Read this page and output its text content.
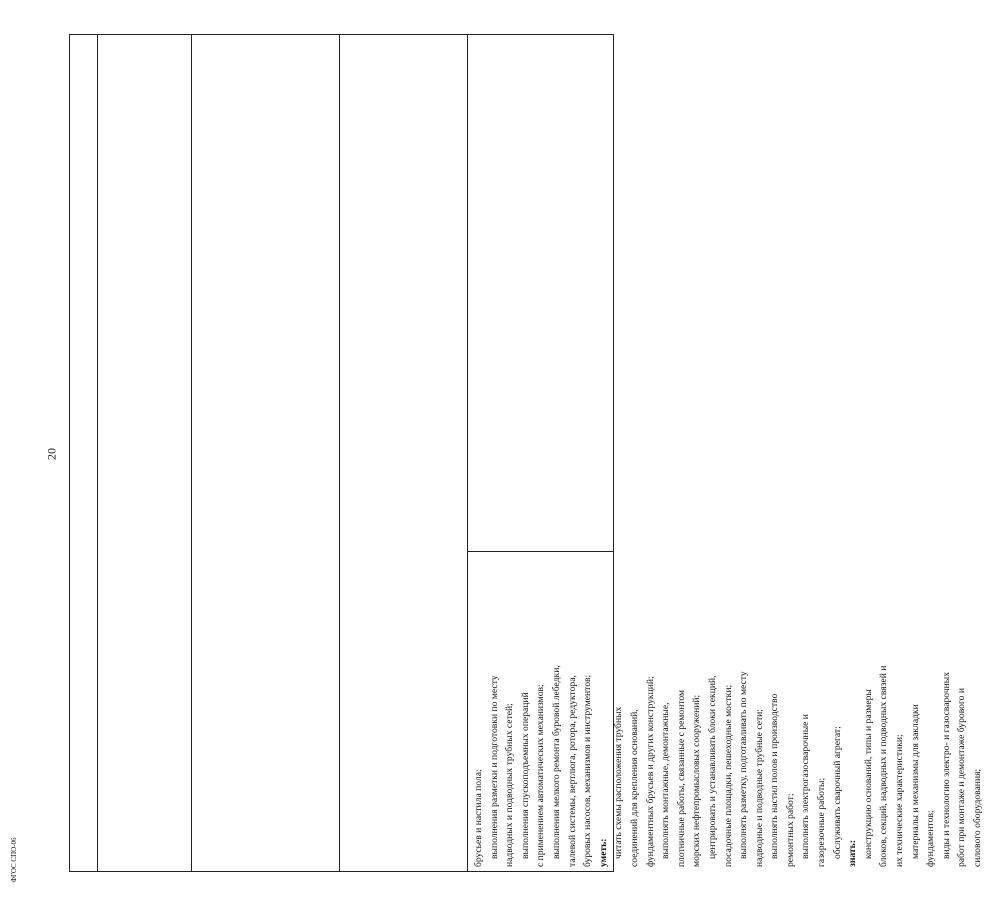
20
брусьев и настила пола; выполнения разметки и подготовки по месту надводных и подводных трубных сетей; выполнения спускоподъемных операций с применением автоматических механизмов; выполнения мелкого ремонта буровой лебедки, талевой системы, вертлюга, ротора, редуктора, буровых насосов, механизмов и инструментов; уметь: читать схемы расположения трубных соединений для крепления оснований, фундаментных брусьев и других конструкций; выполнять монтажные, демонтажные, плотничные работы, связанные с ремонтом морских нефтепромысловых сооружений; центрировать и устанавливать блоки секций, посадочные площадки, пешеходные мостки; выполнять разметку, подготавливать по месту надводные и подводные трубные сети; выполнять настил полов и производство ремонтных работ; выполнять электрогазосварочные и газорезочные работы; обслуживать сварочный агрегат; знать: конструкцию оснований, типы и размеры блоков, секций, надводных и подводных связей и их технические характеристики; материалы и механизмы для закладки фундаментов; виды и технологию электро- и газосварочных работ при монтаже и демонтаже бурового и силового оборудования;
ФГОС СПО-06
